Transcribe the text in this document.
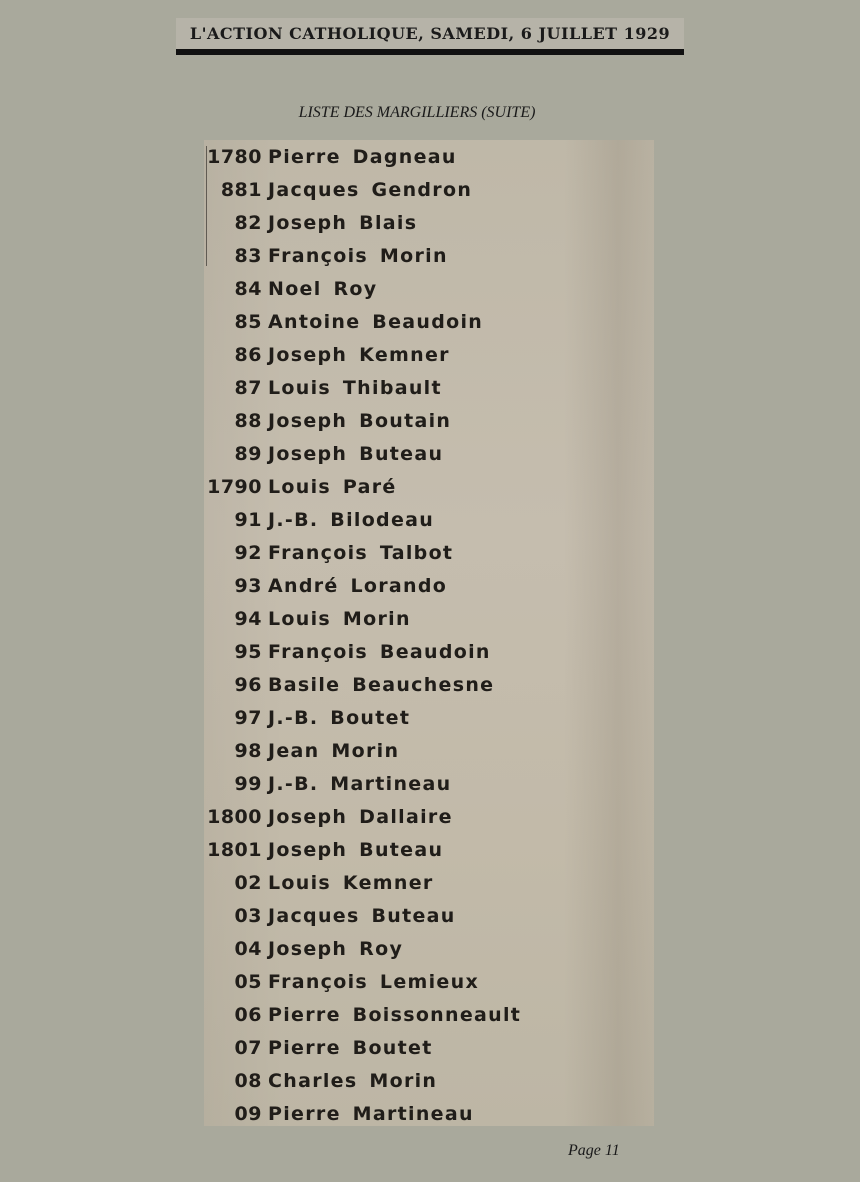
L'ACTION CATHOLIQUE, SAMEDI, 6 JUILLET 1929
LISTE DES MARGILLIERS (SUITE)
1780 Pierre Dagneau
881 Jacques Gendron
82 Joseph Blais
83 François Morin
84 Noel Roy
85 Antoine Beaudoin
86 Joseph Kemner
87 Louis Thibault
88 Joseph Boutain
89 Joseph Buteau
1790 Louis Paré
91 J.-B. Bilodeau
92 François Talbot
93 André Lorando
94 Louis Morin
95 François Beaudoin
96 Basile Beauchesne
97 J.-B. Boutet
98 Jean Morin
99 J.-B. Martineau
1800 Joseph Dallaire
1801 Joseph Buteau
02 Louis Kemner
03 Jacques Buteau
04 Joseph Roy
05 François Lemieux
06 Pierre Boissonneault
07 Pierre Boutet
08 Charles Morin
09 Pierre Martineau
Page 11
